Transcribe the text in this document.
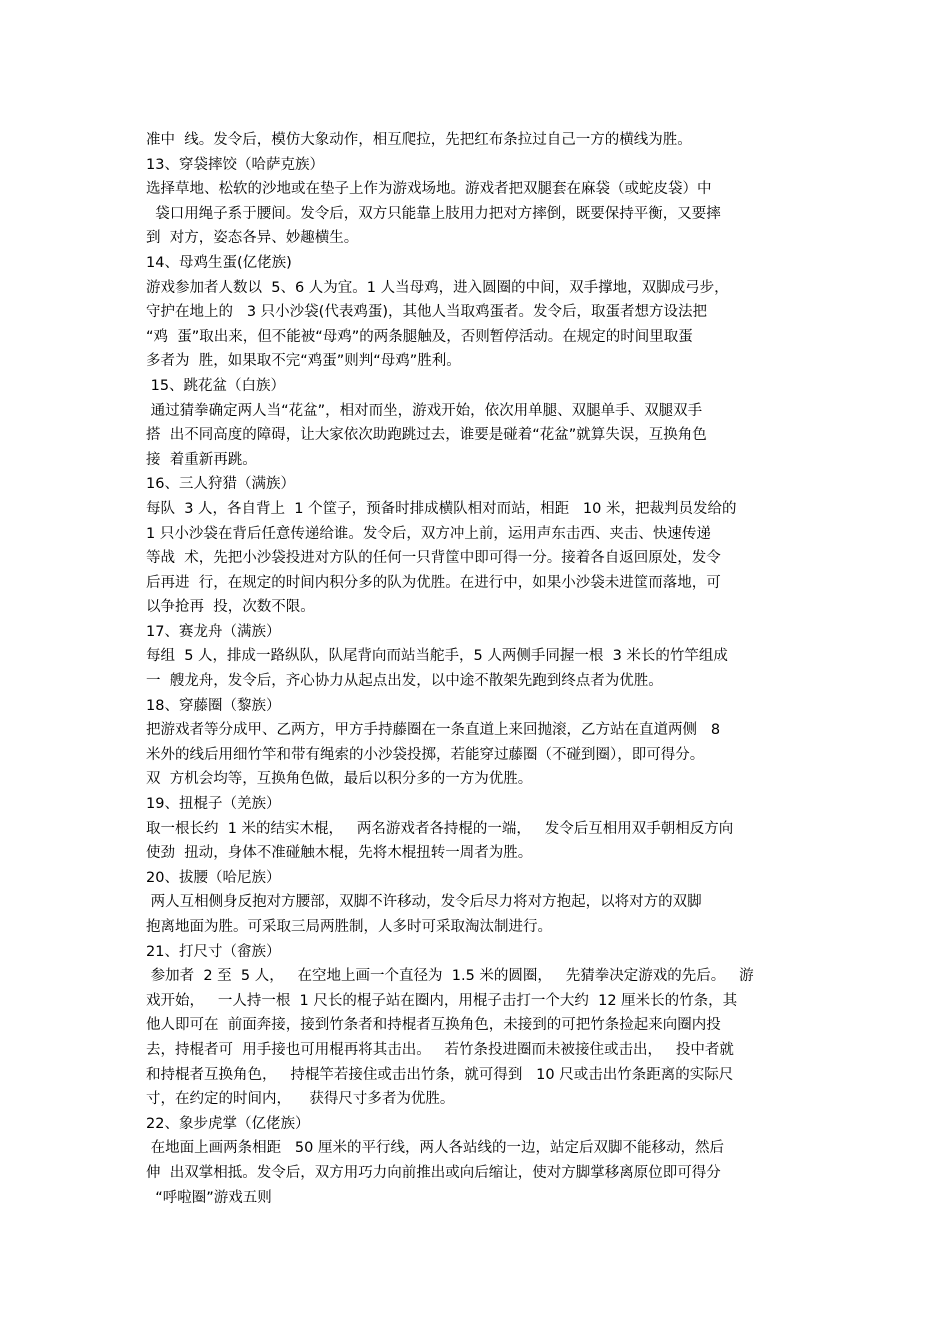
准中  线。发令后，模仿大象动作，相互爬拉，先把红布条拉过自己一方的横线为胜。
13、穿袋摔饺（哈萨克族）
选择草地、松软的沙地或在垫子上作为游戏场地。游戏者把双腿套在麻袋（或蛇皮袋）中
袋口用绳子系于腰间。发令后，双方只能靠上肢用力把对方摔倒，既要保持平衡，又要摔
到  对方，姿态各异、妙趣横生。
14、母鸡生蛋(亿佬族)
游戏参加者人数以  5、6 人为宜。1 人当母鸡，进入圆圈的中间，双手撑地，双脚成弓步，
守护在地上的   3 只小沙袋(代表鸡蛋)，其他人当取鸡蛋者。发令后，取蛋者想方设法把
“鸡  蛋”取出来，但不能被“母鸡”的两条腿触及，否则暂停活动。在规定的时间里取蛋
多者为  胜，如果取不完“鸡蛋”则判“母鸡”胜利。
15、跳花盆（白族）
通过猜拳确定两人当“花盆”，相对而坐，游戏开始，依次用单腿、双腿单手、双腿双手
搭  出不同高度的障碍，让大家依次助跑跳过去，谁要是碰着“花盆”就算失误，互换角色
接  着重新再跳。
16、三人狩猎（满族）
每队  3 人，各自背上  1 个筐子，预备时排成横队相对而站，相距   10 米，把裁判员发给的
1 只小沙袋在背后任意传递给谁。发令后，双方冲上前，运用声东击西、夹击、快速传递
等战  术，先把小沙袋投进对方队的任何一只背筐中即可得一分。接着各自返回原处，发令
后再进  行，在规定的时间内积分多的队为优胜。在进行中，如果小沙袋未进筐而落地，可
以争抢再  投，次数不限。
17、赛龙舟（满族）
每组  5 人，排成一路纵队，队尾背向而站当舵手，5 人两侧手同握一根  3 米长的竹竿组成
一  艘龙舟，发令后，齐心协力从起点出发，以中途不散架先跑到终点者为优胜。
18、穿藤圈（黎族）
把游戏者等分成甲、乙两方，甲方手持藤圈在一条直道上来回抛滚，乙方站在直道两侧   8
米外的线后用细竹竿和带有绳索的小沙袋投掷，若能穿过藤圈（不碰到圈），即可得分。
双  方机会均等，互换角色做，最后以积分多的一方为优胜。
19、扭棍子（羌族）
取一根长约  1 米的结实木棍，   两名游戏者各持棍的一端，   发令后互相用双手朝相反方向
使劲  扭动，身体不准碰触木棍，先将木棍扭转一周者为胜。
20、拔腰（哈尼族）
两人互相侧身反抱对方腰部，双脚不许移动，发令后尽力将对方抱起，以将对方的双脚
抱离地面为胜。可采取三局两胜制，人多时可采取淘汰制进行。
21、打尺寸（畲族）
参加者  2 至  5 人，   在空地上画一个直径为  1.5 米的圆圈，   先猜拳决定游戏的先后。   游
戏开始，   一人持一根  1 尺长的棍子站在圈内，用棍子击打一个大约  12 厘米长的竹条，其
他人即可在  前面奔接，接到竹条者和持棍者互换角色，未接到的可把竹条捡起来向圈内投
去，持棍者可  用手接也可用棍再将其击出。   若竹条投进圈而未被接住或击出，   投中者就
和持棍者互换角色，   持棍竿若接住或击出竹条，就可得到   10 尺或击出竹条距离的实际尺
寸，在约定的时间内，    获得尺寸多者为优胜。
22、象步虎掌（亿佬族）
在地面上画两条相距   50 厘米的平行线，两人各站线的一边，站定后双脚不能移动，然后
伸  出双掌相抵。发令后，双方用巧力向前推出或向后缩让，使对方脚掌移离原位即可得分
“呼啦圈”游戏五则
